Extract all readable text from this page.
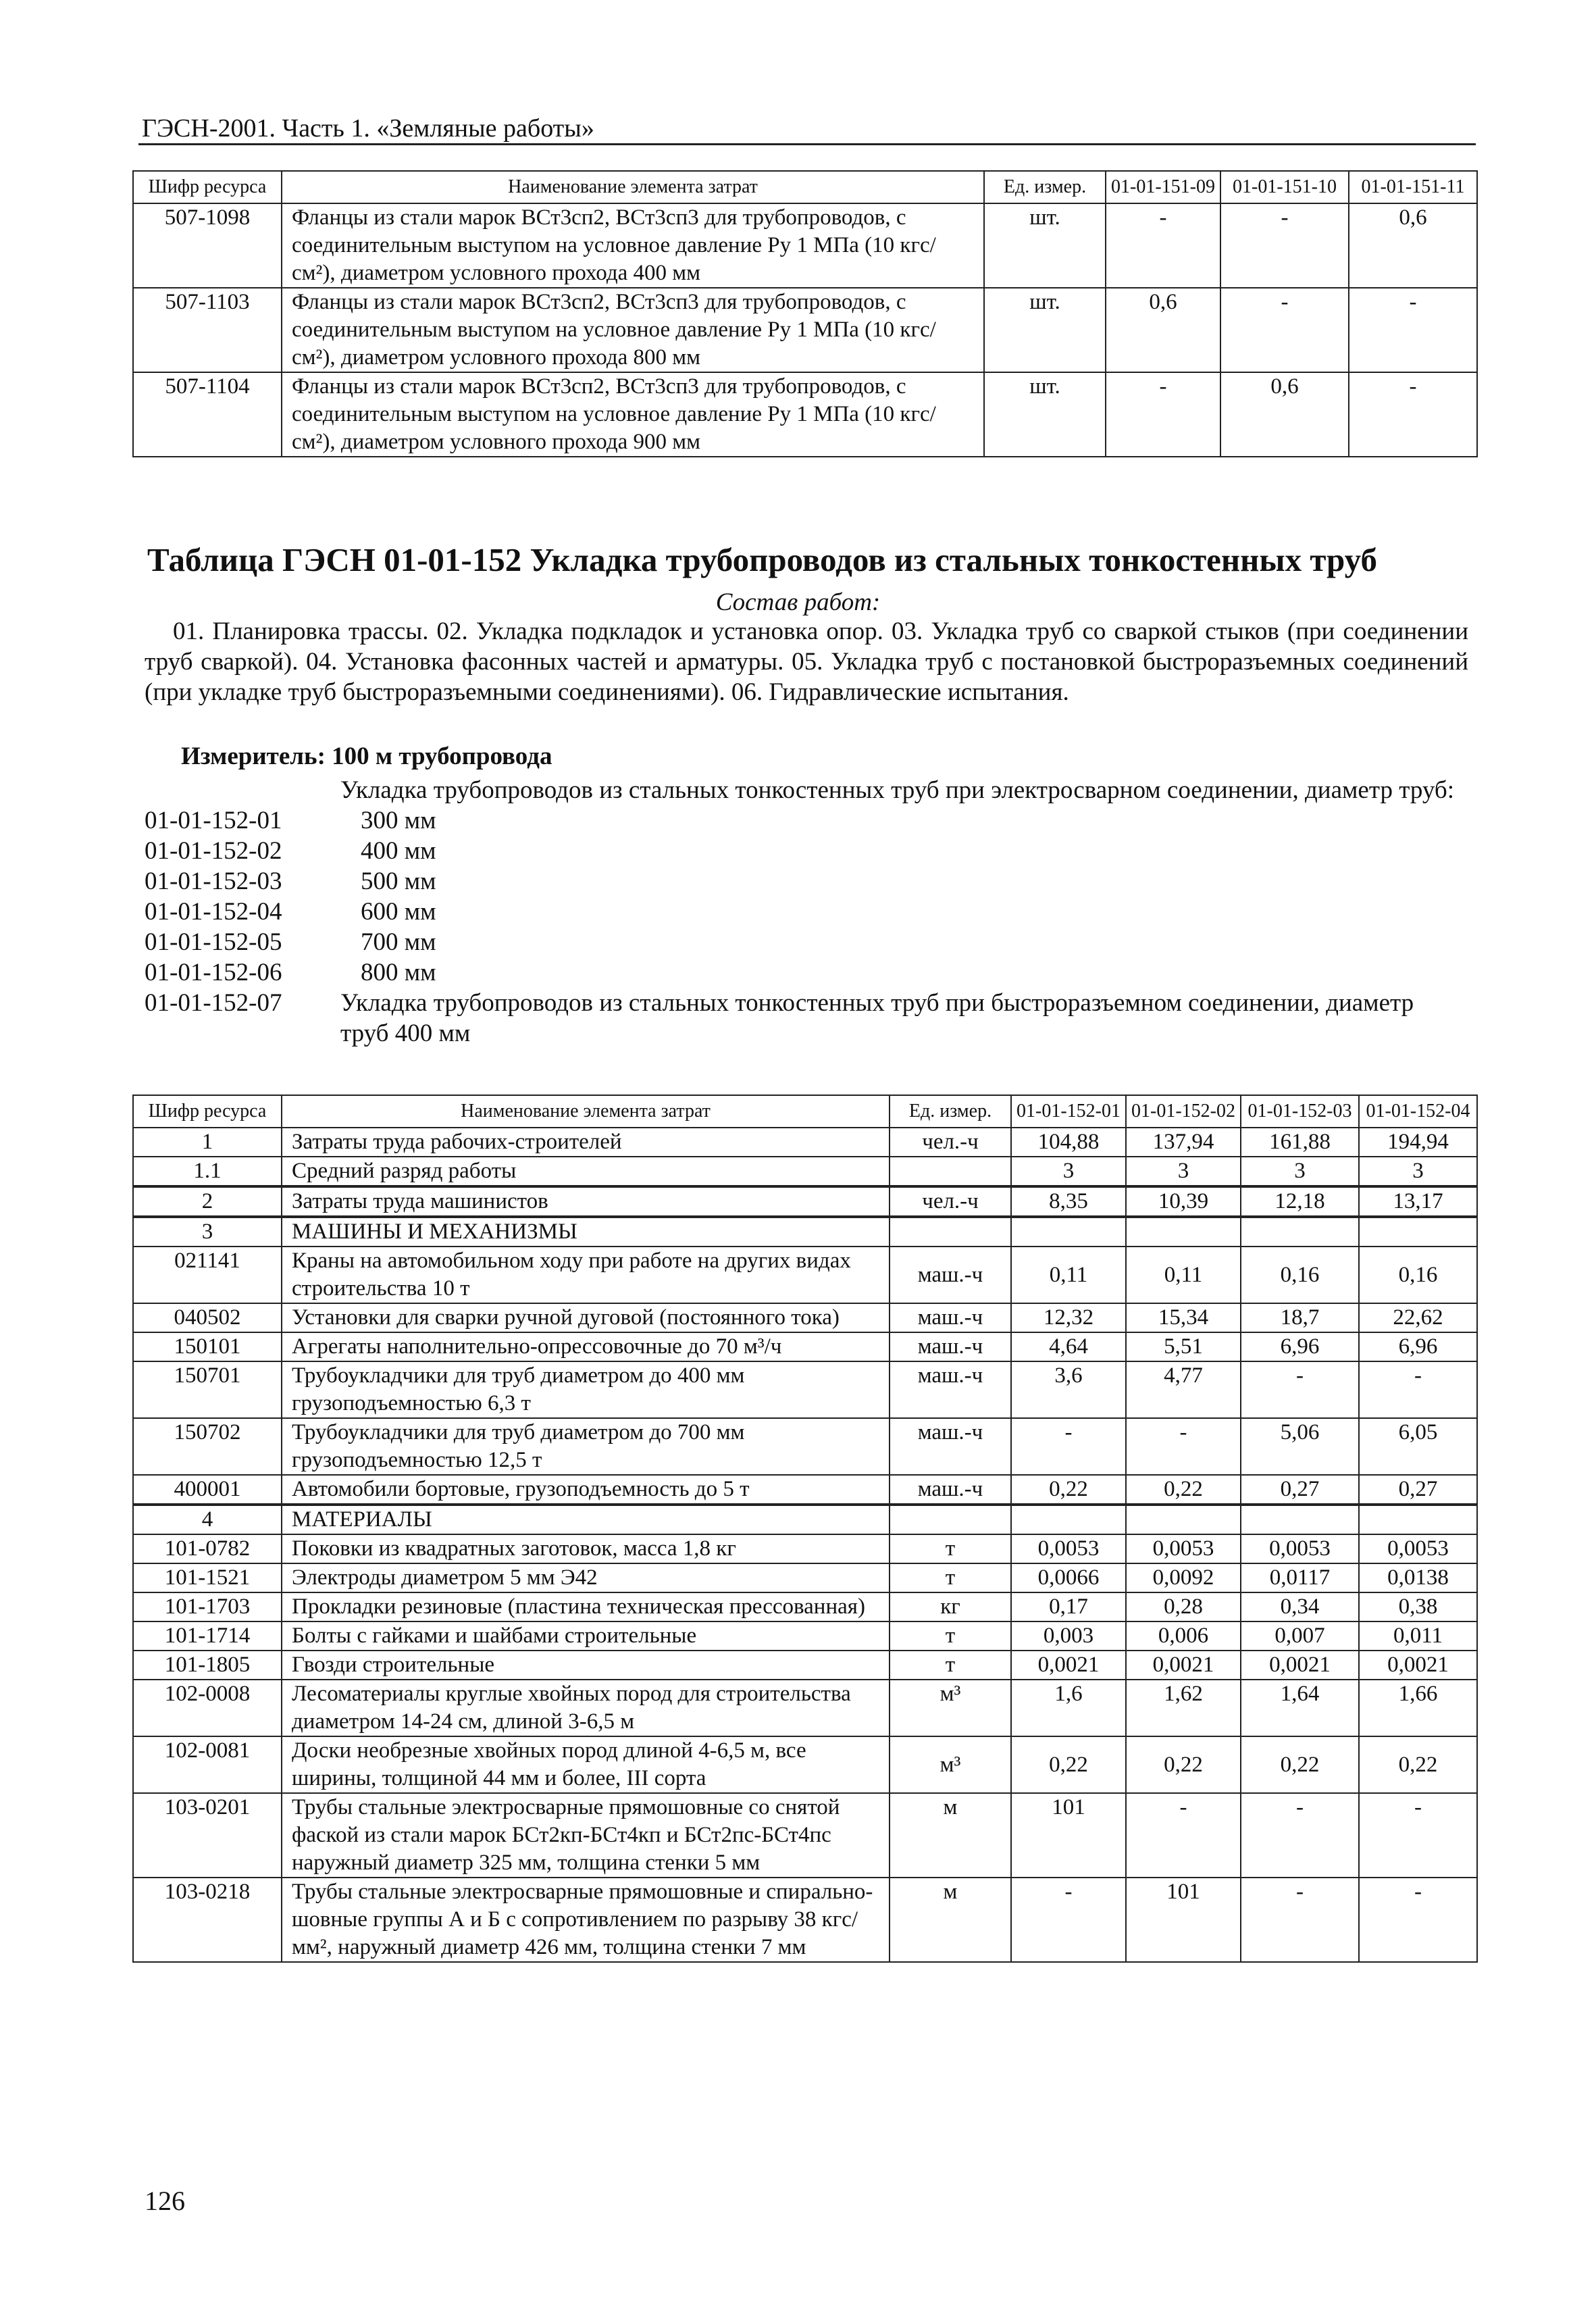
ГЭСН-2001. Часть 1. «Земляные работы»
Шифр ресурса	Наименование элемента затрат	Ед. измер.	01-01-151-09	01-01-151-10	01-01-151-11
507-1098	Фланцы из стали марок ВСт3сп2, ВСт3сп3 для трубопроводов, с соединительным выступом на условное давление Ру 1 МПа (10 кгс/см²), диаметром условного прохода 400 мм	шт.	-	-	0,6
507-1103	Фланцы из стали марок ВСт3сп2, ВСт3сп3 для трубопроводов, с соединительным выступом на условное давление Ру 1 МПа (10 кгс/см²), диаметром условного прохода 800 мм	шт.	0,6	-	-
507-1104	Фланцы из стали марок ВСт3сп2, ВСт3сп3 для трубопроводов, с соединительным выступом на условное давление Ру 1 МПа (10 кгс/см²), диаметром условного прохода 900 мм	шт.	-	0,6	-
Таблица ГЭСН 01-01-152 Укладка трубопроводов из стальных тонкостенных труб
Состав работ:
01. Планировка трассы. 02. Укладка подкладок и установка опор. 03. Укладка труб со сваркой стыков (при соединении труб сваркой). 04. Установка фасонных частей и арматуры. 05. Укладка труб с постановкой быстроразъемных соединений (при укладке труб быстроразъемными соединениями). 06. Гидравлические испытания.
Измеритель: 100 м трубопровода
Укладка трубопроводов из стальных тонкостенных труб при электросварном соединении, диаметр труб:
01-01-152-01	300 мм
01-01-152-02	400 мм
01-01-152-03	500 мм
01-01-152-04	600 мм
01-01-152-05	700 мм
01-01-152-06	800 мм
01-01-152-07	Укладка трубопроводов из стальных тонкостенных труб при быстроразъемном соединении, диаметр труб 400 мм
Шифр ресурса	Наименование элемента затрат	Ед. измер.	01-01-152-01	01-01-152-02	01-01-152-03	01-01-152-04
1	Затраты труда рабочих-строителей	чел.-ч	104,88	137,94	161,88	194,94
1.1	Средний разряд работы		3	3	3	3
2	Затраты труда машинистов	чел.-ч	8,35	10,39	12,18	13,17
3	МАШИНЫ И МЕХАНИЗМЫ					
021141	Краны на автомобильном ходу при работе на других видах строительства 10 т	маш.-ч	0,11	0,11	0,16	0,16
040502	Установки для сварки ручной дуговой (постоянного тока)	маш.-ч	12,32	15,34	18,7	22,62
150101	Агрегаты наполнительно-опрессовочные до 70 м³/ч	маш.-ч	4,64	5,51	6,96	6,96
150701	Трубоукладчики для труб диаметром до 400 мм грузоподъемностью 6,3 т	маш.-ч	3,6	4,77	-	-
150702	Трубоукладчики для труб диаметром до 700 мм грузоподъемностью 12,5 т	маш.-ч	-	-	5,06	6,05
400001	Автомобили бортовые, грузоподъемность до 5 т	маш.-ч	0,22	0,22	0,27	0,27
4	МАТЕРИАЛЫ					
101-0782	Поковки из квадратных заготовок, масса 1,8 кг	т	0,0053	0,0053	0,0053	0,0053
101-1521	Электроды диаметром 5 мм Э42	т	0,0066	0,0092	0,0117	0,0138
101-1703	Прокладки резиновые (пластина техническая прессованная)	кг	0,17	0,28	0,34	0,38
101-1714	Болты с гайками и шайбами строительные	т	0,003	0,006	0,007	0,011
101-1805	Гвозди строительные	т	0,0021	0,0021	0,0021	0,0021
102-0008	Лесоматериалы круглые хвойных пород для строительства диаметром 14-24 см, длиной 3-6,5 м	м³	1,6	1,62	1,64	1,66
102-0081	Доски необрезные хвойных пород длиной 4-6,5 м, все ширины, толщиной 44 мм и более, III сорта	м³	0,22	0,22	0,22	0,22
103-0201	Трубы стальные электросварные прямошовные со снятой фаской из стали марок БСт2кп-БСт4кп и БСт2пс-БСт4пс наружный диаметр 325 мм, толщина стенки 5 мм	м	101	-	-	-
103-0218	Трубы стальные электросварные прямошовные и спирально-шовные группы А и Б с сопротивлением по разрыву 38 кгс/мм², наружный диаметр 426 мм, толщина стенки 7 мм	м	-	101	-	-
126
